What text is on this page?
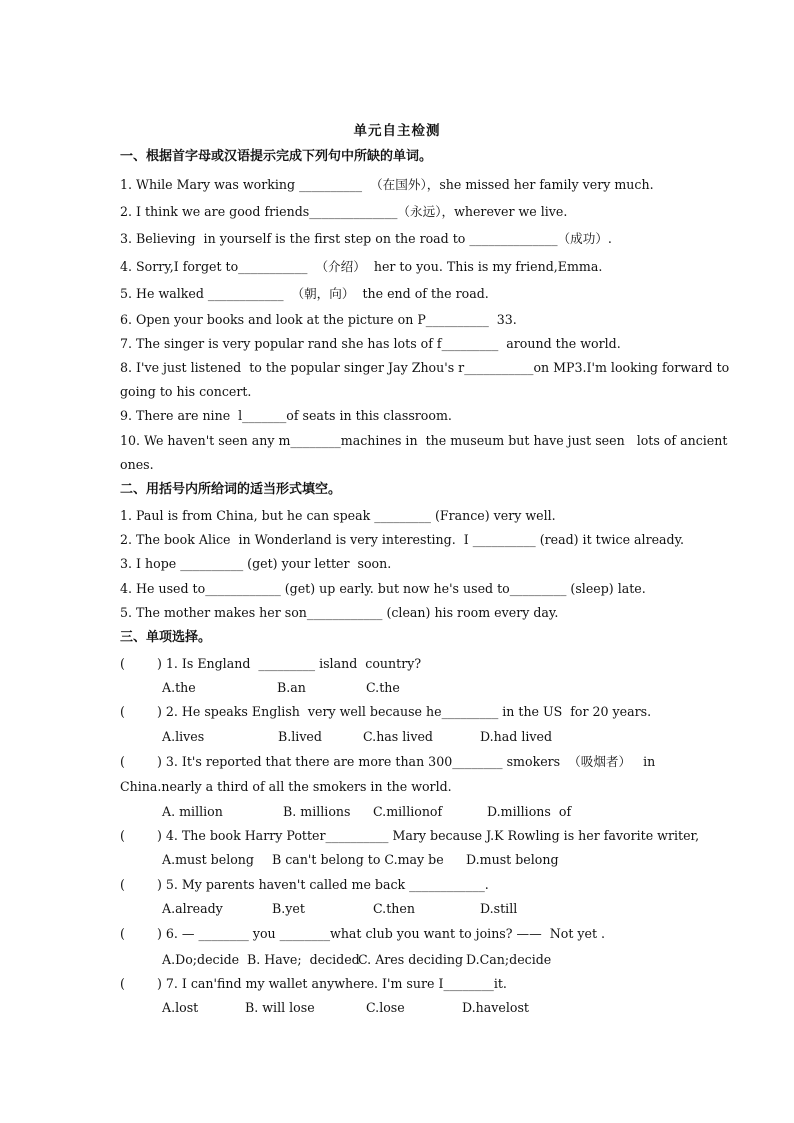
单元自主检测
一、根据首字母或汉语提示完成下列句中所缺的单词。
1. While Mary was working __________  （在国外），she missed her family very much.
2. I think we are good friends______________（永远），wherever we live.
3. Believing  in yourself is the first step on the road to ______________（成功）.
4. Sorry,I forget to___________  （介绍）  her to you. This is my friend,Emma.
5. He walked ____________  （朝，向）  the end of the road.
6. Open your books and look at the picture on P__________  33.
7. The singer is very popular rand she has lots of f_________  around the world.
8. I've just listened  to the popular singer Jay Zhou's r___________on MP3.I'm looking forward to
going to his concert.
9. There are nine  l_______of seats in this classroom.
10. We haven't seen any m________machines in  the museum but have just seen   lots of ancient
ones.
二、用括号内所给词的适当形式填空。
1. Paul is from China, but he can speak _________ (France) very well.
2. The book Alice  in Wonderland is very interesting.  I __________ (read) it twice already.
3. I hope __________ (get) your letter  soon.
4. He used to____________ (get) up early. but now he's used to_________ (sleep) late.
5. The mother makes her son____________ (clean) his room every day.
三、单项选择。
(        ) 1. Is England  _________ island  country?
A.the	B.an	C.the
(        ) 2. He speaks English  very well because he_________ in the US  for 20 years.
A.lives	B.lived	C.has lived	D.had lived
(        ) 3. It's reported that there are more than 300________ smokers  （吸烟者）   in
China.nearly a third of all the smokers in the world.
A. million	B. millions C.millionof	D.millions  of
(        ) 4. The book Harry Potter__________ Mary because J.K Rowling is her favorite writer,
A.must belong B can't belong to C.may be D.must belong
(        ) 5. My parents haven't called me back ____________.
A.already	B.yet	C.then	D.still
(        ) 6. — ________ you ________what club you want to joins? ——  Not yet .
A.Do;decide B. Have;  decided
C. Ares deciding D.Can;decide
(        ) 7. I can'find my wallet anywhere. I'm sure I________it.
A.lost	B. will lose	C.lose	D.havelost
